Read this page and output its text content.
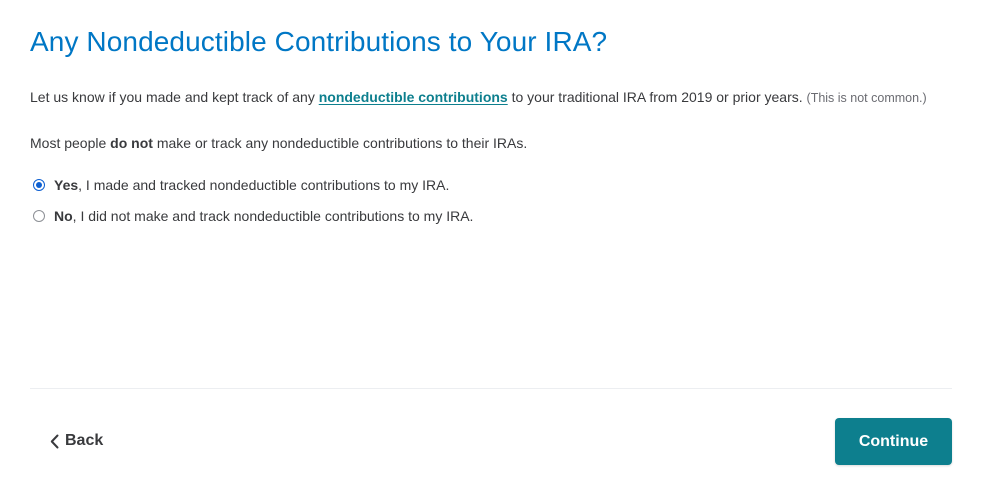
Any Nondeductible Contributions to Your IRA?

Let us know if you made and kept track of any nondeductible contributions to your traditional IRA from 2019 or prior years. (This is not common.)

Most people do not make or track any nondeductible contributions to their IRAs.

Yes, I made and tracked nondeductible contributions to my IRA.
No, I did not make and track nondeductible contributions to my IRA.
Back	Continue
